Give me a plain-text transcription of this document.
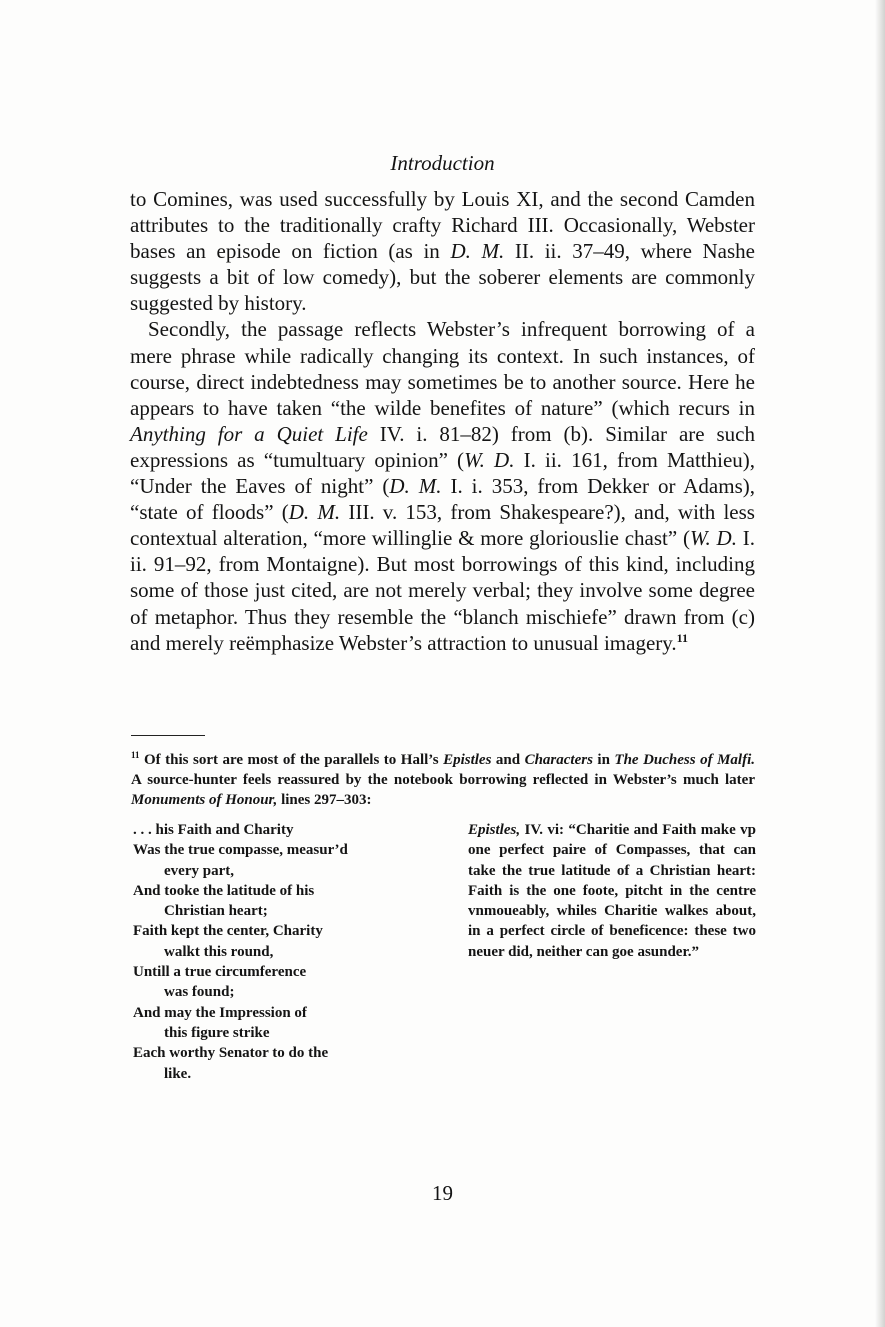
Introduction

to Comines, was used successfully by Louis XI, and the second Camden attributes to the traditionally crafty Richard III. Occasionally, Webster bases an episode on fiction (as in D. M. II. ii. 37–49, where Nashe suggests a bit of low comedy), but the soberer elements are commonly suggested by history.

Secondly, the passage reflects Webster’s infrequent borrowing of a mere phrase while radically changing its context. In such instances, of course, direct indebtedness may sometimes be to another source. Here he appears to have taken “the wilde benefites of nature” (which recurs in Anything for a Quiet Life IV. i. 81–82) from (b). Similar are such expressions as “tumultuary opinion” (W. D. I. ii. 161, from Matthieu), “Under the Eaves of night” (D. M. I. i. 353, from Dekker or Adams), “state of floods” (D. M. III. v. 153, from Shakespeare?), and, with less contextual alteration, “more willinglie & more gloriouslie chast” (W. D. I. ii. 91–92, from Montaigne). But most borrowings of this kind, including some of those just cited, are not merely verbal; they involve some degree of metaphor. Thus they resemble the “blanch mischiefe” drawn from (c) and merely reëmphasize Webster’s attraction to unusual imagery.$^{11}$

$^{11}$ Of this sort are most of the parallels to Hall’s Epistles and Characters in The Duchess of Malfi. A source-hunter feels reassured by the notebook borrowing reflected in Webster’s much later Monuments of Honour, lines 297–303:
. . . his Faith and Charity
Was the true compasse, measur’d
every part,
And tooke the latitude of his
Christian heart;
Faith kept the center, Charity
walkt this round,
Untill a true circumference
was found;
And may the Impression of
this figure strike
Each worthy Senator to do the
like.
Epistles, IV. vi: “Charitie and Faith make vp one perfect paire of Compasses, that can take the true latitude of a Christian heart: Faith is the one foote, pitcht in the centre vnmoueably, whiles Charitie walkes about, in a perfect circle of beneficence: these two neuer did, neither can goe asunder.”
19
